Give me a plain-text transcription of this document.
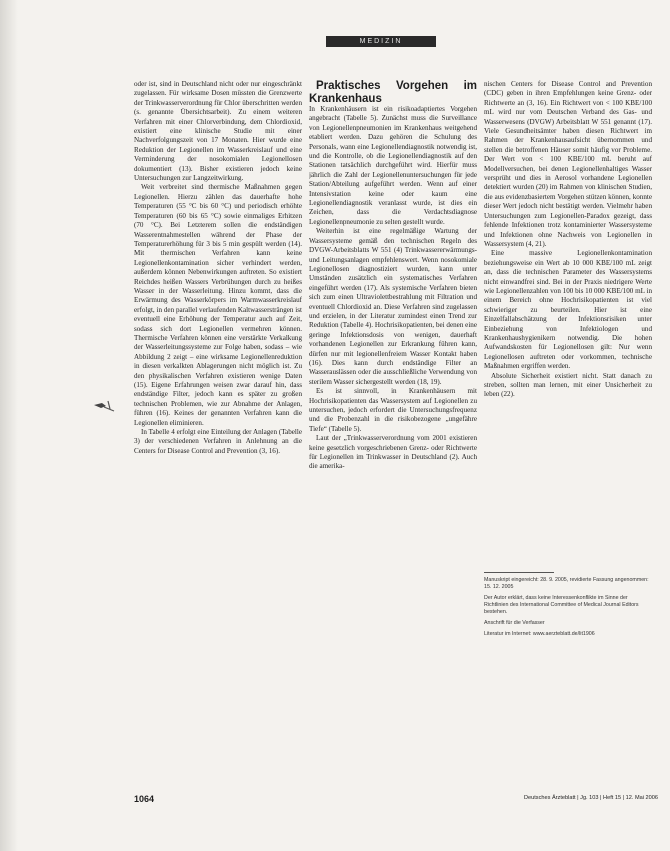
MEDIZIN

oder ist, sind in Deutschland nicht oder nur eingeschränkt zugelassen. Für wirksame Dosen müssten die Grenzwerte der Trinkwasserverordnung für Chlor überschritten werden (s. genannte Übersichtsarbeit). Zu einem weiteren Verfahren mit einer Chlorverbindung, dem Chlordioxid, existiert eine klinische Studie mit einer Nachverfolgungszeit von 17 Monaten. Hier wurde eine Reduktion der Legionellen im Wasserkreislauf und eine Verminderung der nosokomialen Legionellosen dokumentiert (13). Bisher existieren jedoch keine Untersuchungen zur Langzeitwirkung.

Weit verbreitet sind thermische Maßnahmen gegen Legionellen. Hierzu zählen das dauerhafte hohe Temperaturen (55 °C bis 60 °C) und periodisch erhöhte Temperaturen (60 bis 65 °C) sowie einmaliges Erhitzen (70 °C). Bei Letzterem sollen die endständigen Wasserentnahmestellen während der Phase der Temperaturerhöhung für 3 bis 5 min gespült werden (14). Mit thermischen Verfahren kann keine Legionellenkontamination sicher verhindert werden, außerdem können Nebenwirkungen auftreten. So existiert Reichdes heißen Wassers Verbrühungen durch zu heißes Wasser in der Wasserleitung. Hinzu kommt, dass die Erwärmung des Wasserkörpers im Warmwasserkreislauf erfolgt, in den parallel verlaufenden Kaltwassersträngen ist eventuell eine Erhöhung der Temperatur auch auf Zeit, sodass sich dort Legionellen vermehren können. Thermische Verfahren können eine verstärkte Verkalkung der Wasserleitungssysteme zur Folge haben, sodass – wie Abbildung 2 zeigt – eine wirksame Legionellenreduktion in diesen verkalkten Ablagerungen nicht möglich ist. Zu den physikalischen Verfahren existieren wenige Daten (15). Eigene Erfahrungen weisen zwar darauf hin, dass endständige Filter, jedoch kann es später zu großen technischen Problemen, wie zur Abnahme der Anlagen, führen (16). Keines der genannten Verfahren kann die Legionellen eliminieren.

In Tabelle 4 erfolgt eine Einteilung der Anlagen (Tabelle 3) der verschiedenen Verfahren in Anlehnung an die Centers for Disease Control and Prevention (3, 16).

Praktisches Vorgehen im Krankenhaus

In Krankenhäusern ist ein risikoadaptiertes Vorgehen angebracht (Tabelle 5). Zunächst muss die Surveillance von Legionellenpneumonien im Krankenhaus weitgehend etabliert werden. Dazu gehören die Schulung des Personals, wann eine Legionellendiagnostik notwendig ist, und die Kontrolle, ob die Legionellendiagnostik auf den Stationen tatsächlich durchgeführt wird. Hierfür muss jährlich die Zahl der Legionellenuntersuchungen für jede Station/Abteilung aufgeführt werden. Wenn auf einer Intensivstation keine oder kaum eine Legionellendiagnostik veranlasst wurde, ist dies ein Zeichen, dass die Verdachtsdiagnose Legionellenpneumonie zu selten gestellt wurde.

Weiterhin ist eine regelmäßige Wartung der Wassersysteme gemäß den technischen Regeln des DVGW-Arbeitsblatts W 551 (4) Trinkwassererwärmungs- und Leitungsanlagen empfehlenswert. Wenn nosokomiale Legionellosen diagnostiziert wurden, kann unter Umständen zusätzlich ein systematisches Verfahren eingeführt werden (17). Als systemische Verfahren bieten sich zum einen Ultraviolettbestrahlung mit Filtration und eventuell Chlordioxid an. Diese Verfahren sind zugelassen und erzielen, in der Literatur zumindest einen Trend zur Reduktion (Tabelle 4). Hochrisikopatienten, bei denen eine geringe Infektionsdosis von wenigen, dauerhaft vorhandenen Legionellen zur Erkrankung führen kann, dürfen nur mit legionellenfreiem Wasser Kontakt haben (16). Dies kann durch endständige Filter an Wasserauslässen oder die ausschließliche Verwendung von sterilem Wasser sichergestellt werden (18, 19).

Es ist sinnvoll, in Krankenhäusern mit Hochrisikopatienten das Wassersystem auf Legionellen zu untersuchen, jedoch erfordert die Untersuchungsfrequenz und die Probenzahl in die risikobezogene „ungefähre Tiefe“ (Tabelle 5).

Laut der „Trinkwasserverordnung vom 2001 existieren keine gesetzlich vorgeschriebenen Grenz- oder Richtwerte für Legionellen im Trinkwasser in Deutschland (2). Auch die amerika-

nischen Centers for Disease Control and Prevention (CDC) geben in ihren Empfehlungen keine Grenz- oder Richtwerte an (3, 16). Ein Richtwert von < 100 KBE/100 mL wird nur vom Deutschen Verband des Gas- und Wasserwesens (DVGW) Arbeitsblatt W 551 genannt (17). Viele Gesundheitsämter haben diesen Richtwert im Rahmen der Krankenhausaufsicht übernommen und stellen die betroffenen Häuser somit häufig vor Probleme. Der Wert von < 100 KBE/100 mL beruht auf Modellversuchen, bei denen Legionellenhaltiges Wasser versprüht und dies in Aerosol vorhandene Legionellen detektiert wurden (20) im Rahmen von klinischen Studien, die aus evidenzbasiertem Vorgehen stützen können, konnte dieser Wert jedoch nicht bestätigt werden. Vielmehr haben Untersuchungen zum Legionellen-Paradox gezeigt, dass fehlende Infektionen trotz kontaminierter Wassersysteme und Infektionen ohne Nachweis von Legionellen in Wassersystem (4, 21).

Eine massive Legionellenkontamination beziehungsweise ein Wert ab 10 000 KBE/100 mL zeigt an, dass die technischen Parameter des Wassersystems nicht einwandfrei sind. Bei in der Praxis niedrigere Werte wie Legionellenzahlen von 100 bis 10 000 KBE/100 mL in einem Bereich ohne Hochrisikopatienten ist viel schwieriger zu beurteilen. Hier ist eine Einzelfallabschätzung der Infektionsrisiken unter Einbeziehung von Infektiologen und Krankenhaushygienikern notwendig. Die hohen Aufwandskosten für Legionellosen gilt: Nur wenn Legionellosen auftreten oder vorkommen, technische Maßnahmen ergriffen werden.

Absolute Sicherheit existiert nicht. Statt danach zu streben, sollten man lernen, mit einer Unsicherheit zu leben (22).

Manuskript eingereicht: 28. 9. 2005, revidierte Fassung angenommen: 15. 12. 2005

Der Autor erklärt, dass keine Interessenkonflikte im Sinne der Richtlinien des International Committee of Medical Journal Editors bestehen.

Anschrift für die Verfasser

Literatur im Internet: www.aerzteblatt.de/lit1906

1064	Deutsches Ärzteblatt | Jg. 103 | Heft 15 | 12. Mai 2006
